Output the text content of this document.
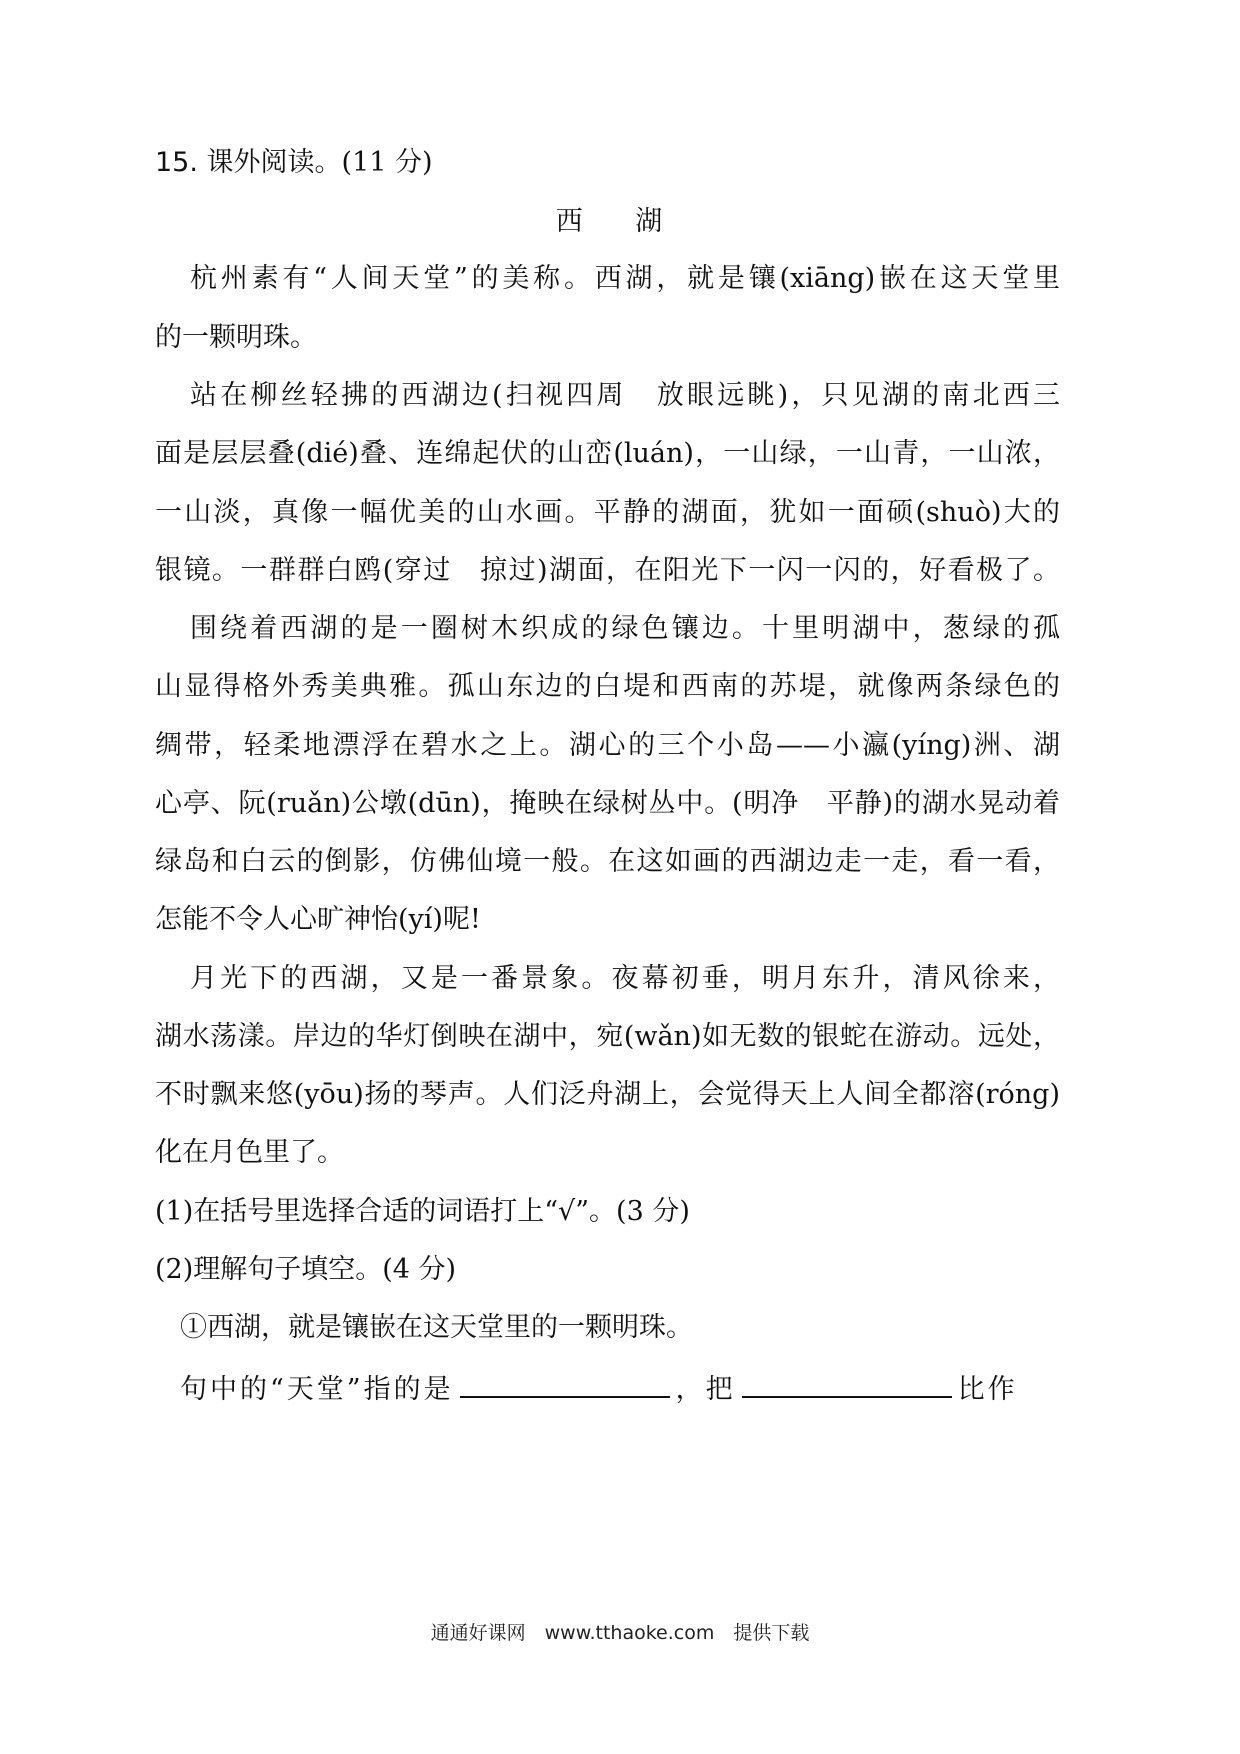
15. 课外阅读。(11 分)
西 湖
杭州素有“人间天堂”的美称。西湖，就是镶(xiāng)嵌在这天堂里
的一颗明珠。
站在柳丝轻拂的西湖边(扫视四周　放眼远眺)，只见湖的南北西三
面是层层叠(dié)叠、连绵起伏的山峦(luán)，一山绿，一山青，一山浓，
一山淡，真像一幅优美的山水画。平静的湖面，犹如一面硕(shuò)大的
银镜。一群群白鸥(穿过　掠过)湖面，在阳光下一闪一闪的，好看极了。
围绕着西湖的是一圈树木织成的绿色镶边。十里明湖中，葱绿的孤
山显得格外秀美典雅。孤山东边的白堤和西南的苏堤，就像两条绿色的
绸带，轻柔地漂浮在碧水之上。湖心的三个小岛——小瀛(yíng)洲、湖
心亭、阮(ruǎn)公墩(dūn)，掩映在绿树丛中。(明净　平静)的湖水晃动着
绿岛和白云的倒影，仿佛仙境一般。在这如画的西湖边走一走，看一看，
怎能不令人心旷神怡(yí)呢!
月光下的西湖，又是一番景象。夜幕初垂，明月东升，清风徐来，
湖水荡漾。岸边的华灯倒映在湖中，宛(wǎn)如无数的银蛇在游动。远处，
不时飘来悠(yōu)扬的琴声。人们泛舟湖上，会觉得天上人间全都溶(róng)
化在月色里了。
(1)在括号里选择合适的词语打上“√”。(3 分)
(2)理解句子填空。(4 分)
①西湖，就是镶嵌在这天堂里的一颗明珠。
句中的“天堂”指的是	，把	比作
通通好课网　www.tthaoke.com　提供下载
